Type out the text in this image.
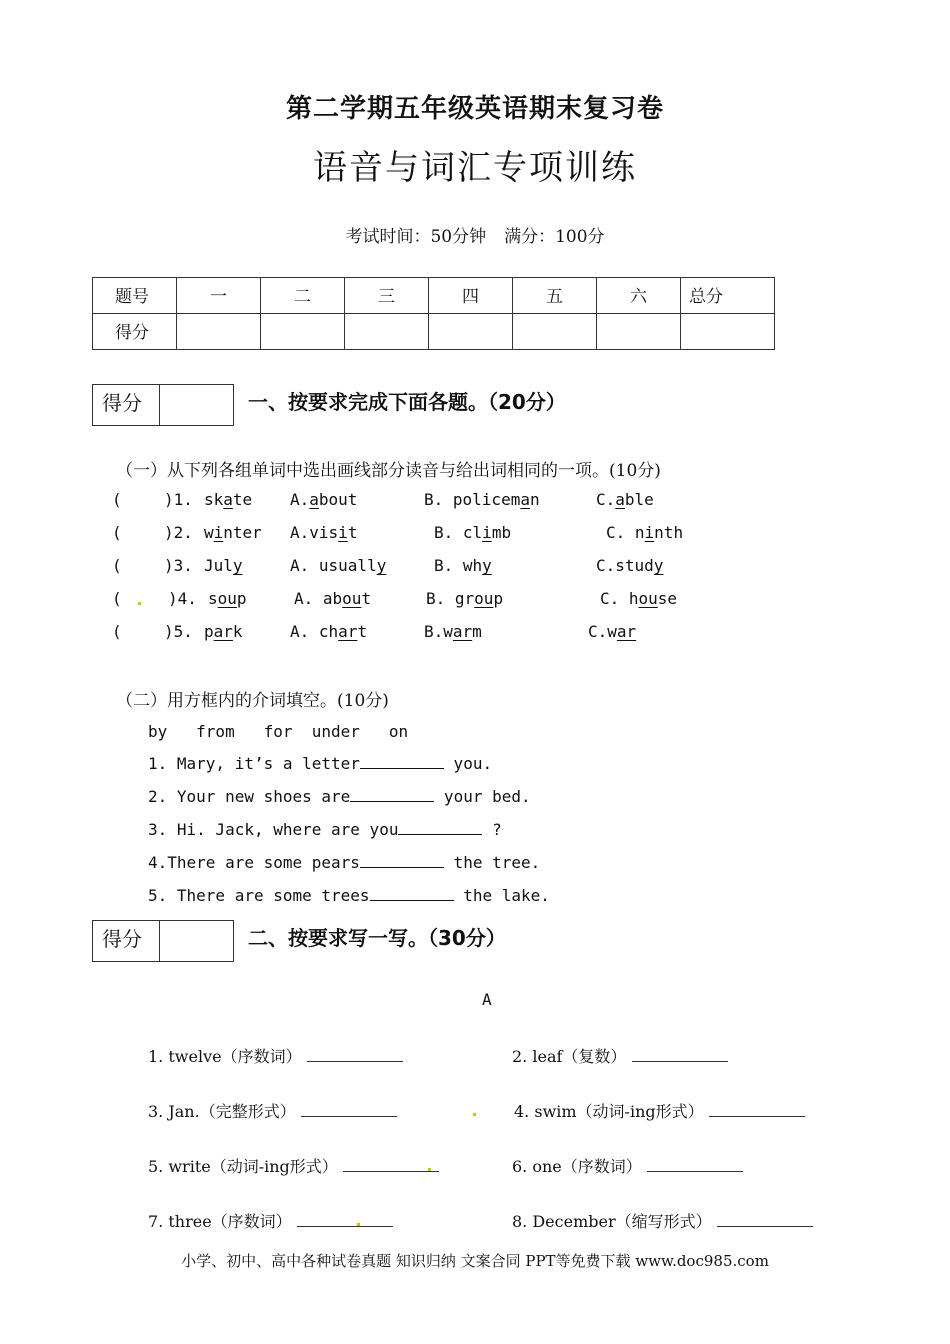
第二学期五年级英语期末复习卷
语音与词汇专项训练
考试时间：50分钟 满分：100分
题号	一	二	三	四	五	六	总分
得分							
得分	一、按要求完成下面各题。（20分）
（一）从下列各组单词中选出画线部分读音与给出词相同的一项。(10分)
(	)1. skate A.about	B. policeman	C.able
(	)2. winter A.visit	B. climb	C. ninth
(	)3. July	A. usually	B. why	C.study
(	)4. soup	A. about	B. group	C. house
(	)5. park	A. chart	B.warm	C.war
（二）用方框内的介词填空。(10分)
by   from   for  under   on
1. Mary, it’s a letter	you.
2. Your new shoes are	your bed.
3. Hi. Jack, where are you	?
4.There are some pears	the tree.
5. There are some trees	the lake.
得分	二、按要求写一写。（30分）
A
1. twelve（序数词）	2. leaf（复数）
3. Jan.（完整形式）	4. swim（动词-ing形式）
5. write（动词-ing形式）	6. one（序数词）
7. three（序数词）	8. December（缩写形式）
小学、初中、高中各种试卷真题 知识归纳 文案合同 PPT等免费下载 www.doc985.com
